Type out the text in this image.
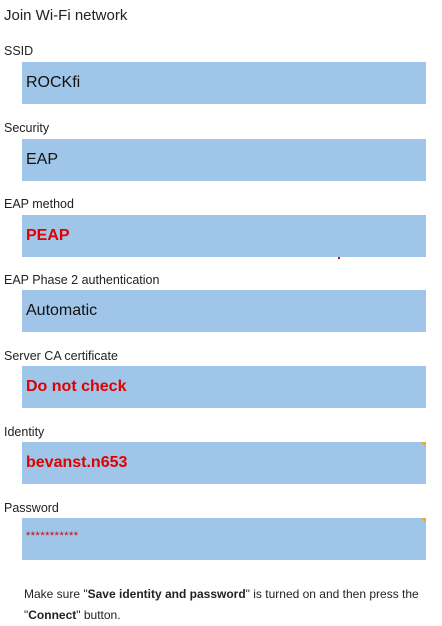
Join Wi-Fi network
SSID
ROCKfi
Security
EAP
EAP method
PEAP
EAP Phase 2 authentication
Automatic
Server CA certificate
Do not check
Identity
bevanst.n653
Password
***********
Make sure "Save identity and password" is turned on and then press the "Connect" button.
